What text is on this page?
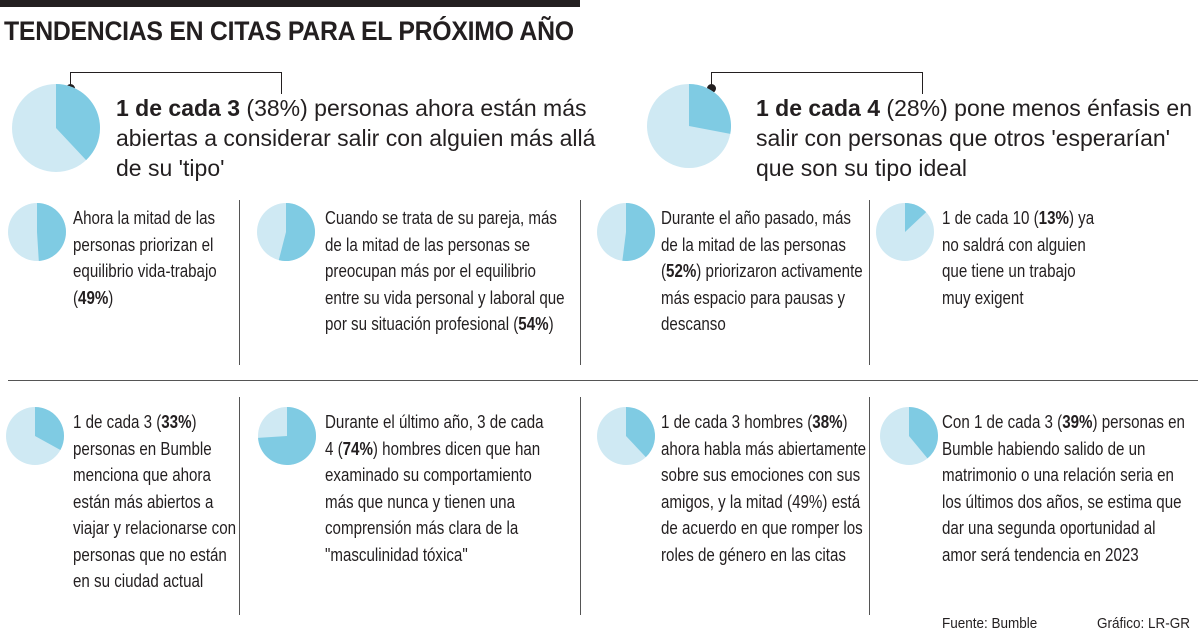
TENDENCIAS EN CITAS PARA EL PRÓXIMO AÑO
1 de cada 3 (38%) personas ahora están más abiertas a considerar salir con alguien más allá de su 'tipo'
1 de cada 4 (28%) pone menos énfasis en salir con personas que otros 'esperarían' que son su tipo ideal
Ahora la mitad de las personas priorizan el equilibrio vida-trabajo (49%)
Cuando se trata de su pareja, más de la mitad de las personas se preocupan más por el equilibrio entre su vida personal y laboral que por su situación profesional (54%)
Durante el año pasado, más de la mitad de las personas (52%) priorizaron activamente más espacio para pausas y descanso
1 de cada 10 (13%) ya no saldrá con alguien que tiene un trabajo muy exigent
1 de cada 3 (33%) personas en Bumble menciona que ahora están más abiertos a viajar y relacionarse con personas que no están en su ciudad actual
Durante el último año, 3 de cada 4 (74%) hombres dicen que han examinado su comportamiento más que nunca y tienen una comprensión más clara de la "masculinidad tóxica"
1 de cada 3 hombres (38%) ahora habla más abiertamente sobre sus emociones con sus amigos, y la mitad (49%) está de acuerdo en que romper los roles de género en las citas
Con 1 de cada 3 (39%) personas en Bumble habiendo salido de un matrimonio o una relación seria en los últimos dos años, se estima que dar una segunda oportunidad al amor será tendencia en 2023
Fuente: Bumble	Gráfico: LR-GR
